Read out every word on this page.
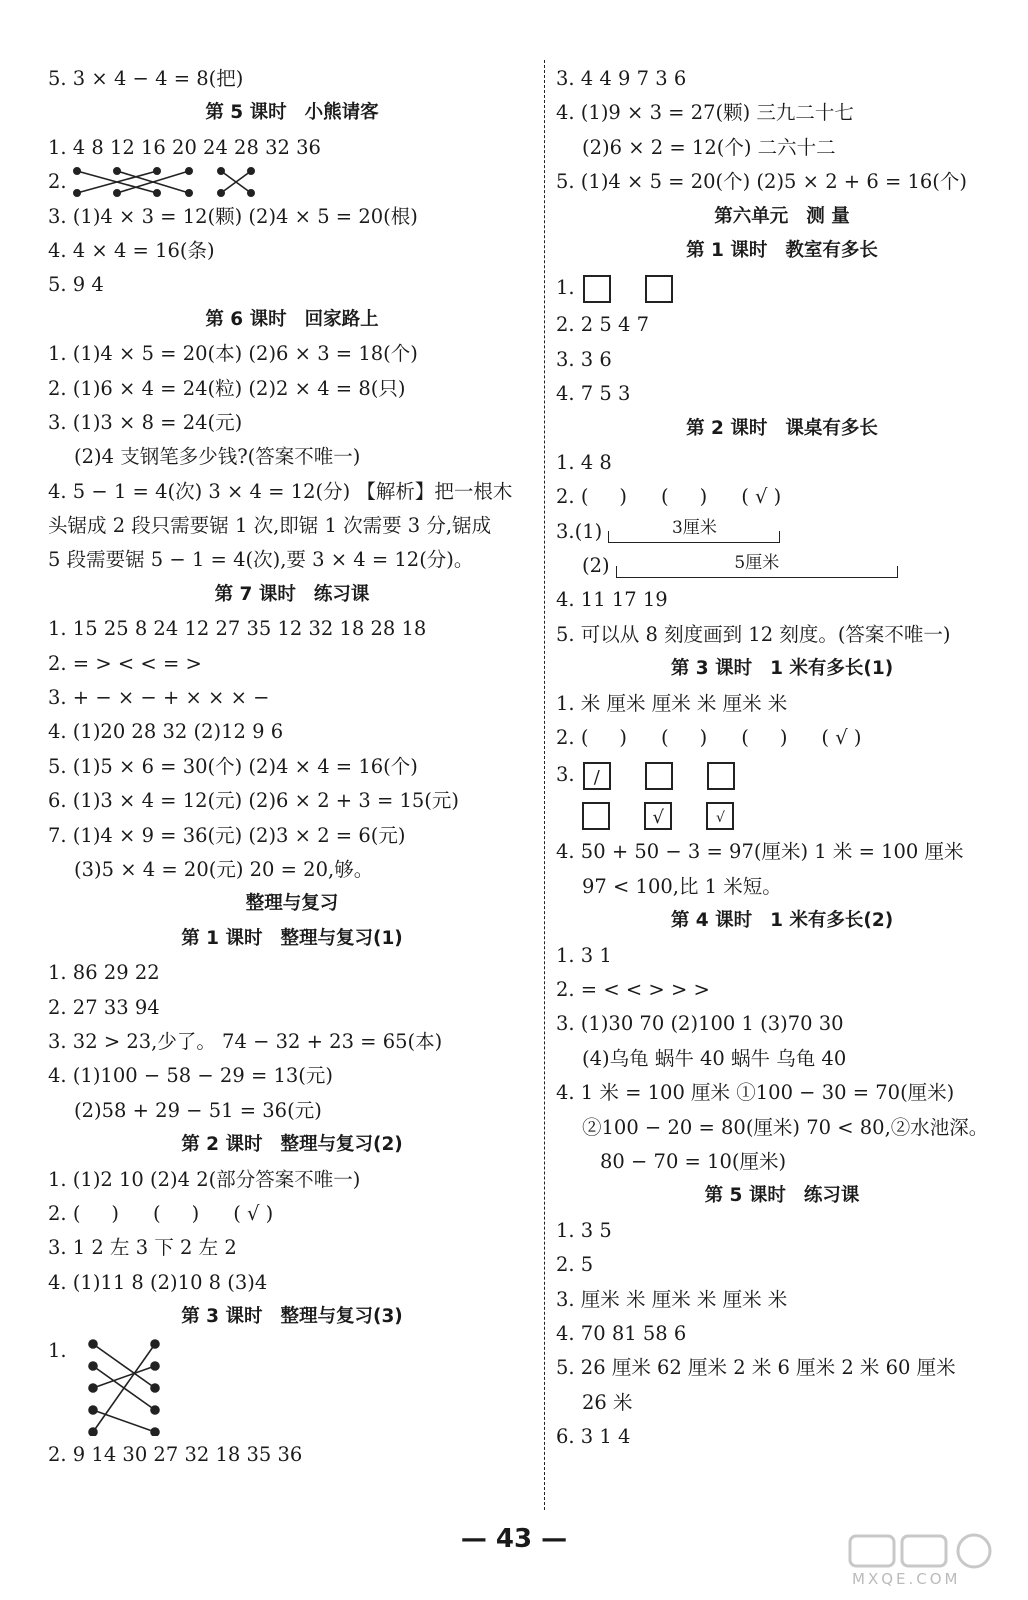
5. 3 × 4 − 4 = 8(把)
第 5 课时 小熊请客
1. 4 8 12 16 20 24 28 32 36
2.
3. (1)4 × 3 = 12(颗) (2)4 × 5 = 20(根)
4. 4 × 4 = 16(条)
5. 9 4
第 6 课时 回家路上
1. (1)4 × 5 = 20(本) (2)6 × 3 = 18(个)
2. (1)6 × 4 = 24(粒) (2)2 × 4 = 8(只)
3. (1)3 × 8 = 24(元)
(2)4 支钢笔多少钱?(答案不唯一)
4. 5 − 1 = 4(次) 3 × 4 = 12(分) 【解析】把一根木
头锯成 2 段只需要锯 1 次,即锯 1 次需要 3 分,锯成
5 段需要锯 5 − 1 = 4(次),要 3 × 4 = 12(分)。
第 7 课时 练习课
1. 15 25 8 24 12 27 35 12 32 18 28 18
2. = > < < = >
3. + − × − + × × × −
4. (1)20 28 32 (2)12 9 6
5. (1)5 × 6 = 30(个) (2)4 × 4 = 16(个)
6. (1)3 × 4 = 12(元) (2)6 × 2 + 3 = 15(元)
7. (1)4 × 9 = 36(元) (2)3 × 2 = 6(元)
(3)5 × 4 = 20(元) 20 = 20,够。
整理与复习
第 1 课时 整理与复习(1)
1. 86 29 22
2. 27 33 94
3. 32 > 23,少了。 74 − 32 + 23 = 65(本)
4. (1)100 − 58 − 29 = 13(元)
(2)58 + 29 − 51 = 36(元)
第 2 课时 整理与复习(2)
1. (1)2 10 (2)4 2(部分答案不唯一)
2. ( ) ( ) ( √ )
3. 1 2 左 3 下 2 左 2
4. (1)11 8 (2)10 8 (3)4
第 3 课时 整理与复习(3)
1.
2. 9 14 30 27 32 18 35 36
3. 4 4 9 7 3 6
4. (1)9 × 3 = 27(颗) 三九二十七
(2)6 × 2 = 12(个) 二六十二
5. (1)4 × 5 = 20(个) (2)5 × 2 + 6 = 16(个)
第六单元 测 量
第 1 课时 教室有多长
1.
2. 2 5 4 7
3. 3 6
4. 7 5 3
第 2 课时 课桌有多长
1. 4 8
2. ( ) ( ) ( √ )
3.(1)	3厘米
(2)	5厘米
4. 11 17 19
5. 可以从 8 刻度画到 12 刻度。(答案不唯一)
第 3 课时 1 米有多长(1)
1. 米 厘米 厘米 米 厘米 米
2. ( ) ( ) ( ) ( √ )
3. /
√	√
4. 50 + 50 − 3 = 97(厘米) 1 米 = 100 厘米
97 < 100,比 1 米短。
第 4 课时 1 米有多长(2)
1. 3 1
2. = < < > > >
3. (1)30 70 (2)100 1 (3)70 30
(4)乌龟 蜗牛 40 蜗牛 乌龟 40
4. 1 米 = 100 厘米 ①100 − 30 = 70(厘米)
②100 − 20 = 80(厘米) 70 < 80,②水池深。
80 − 70 = 10(厘米)
第 5 课时 练习课
1. 3 5
2. 5
3. 厘米 米 厘米 米 厘米 米
4. 70 81 58 6
5. 26 厘米 62 厘米 2 米 6 厘米 2 米 60 厘米
26 米
6. 3 1 4
— 43 —
MXQE.COM
